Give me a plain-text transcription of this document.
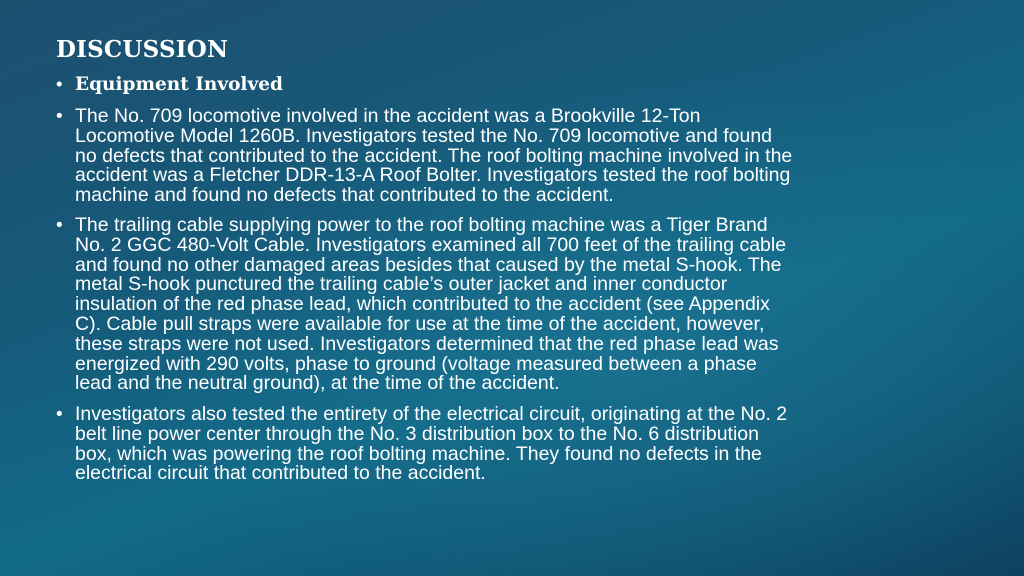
DISCUSSION
• Equipment Involved
• The No. 709 locomotive involved in the accident was a Brookville 12-Ton
Locomotive Model 1260B. Investigators tested the No. 709 locomotive and found
no defects that contributed to the accident. The roof bolting machine involved in the
accident was a Fletcher DDR-13-A Roof Bolter. Investigators tested the roof bolting
machine and found no defects that contributed to the accident.
• The trailing cable supplying power to the roof bolting machine was a Tiger Brand
No. 2 GGC 480-Volt Cable. Investigators examined all 700 feet of the trailing cable
and found no other damaged areas besides that caused by the metal S-hook. The
metal S-hook punctured the trailing cable’s outer jacket and inner conductor
insulation of the red phase lead, which contributed to the accident (see Appendix
C). Cable pull straps were available for use at the time of the accident, however,
these straps were not used. Investigators determined that the red phase lead was
energized with 290 volts, phase to ground (voltage measured between a phase
lead and the neutral ground), at the time of the accident.
• Investigators also tested the entirety of the electrical circuit, originating at the No. 2
belt line power center through the No. 3 distribution box to the No. 6 distribution
box, which was powering the roof bolting machine. They found no defects in the
electrical circuit that contributed to the accident.
